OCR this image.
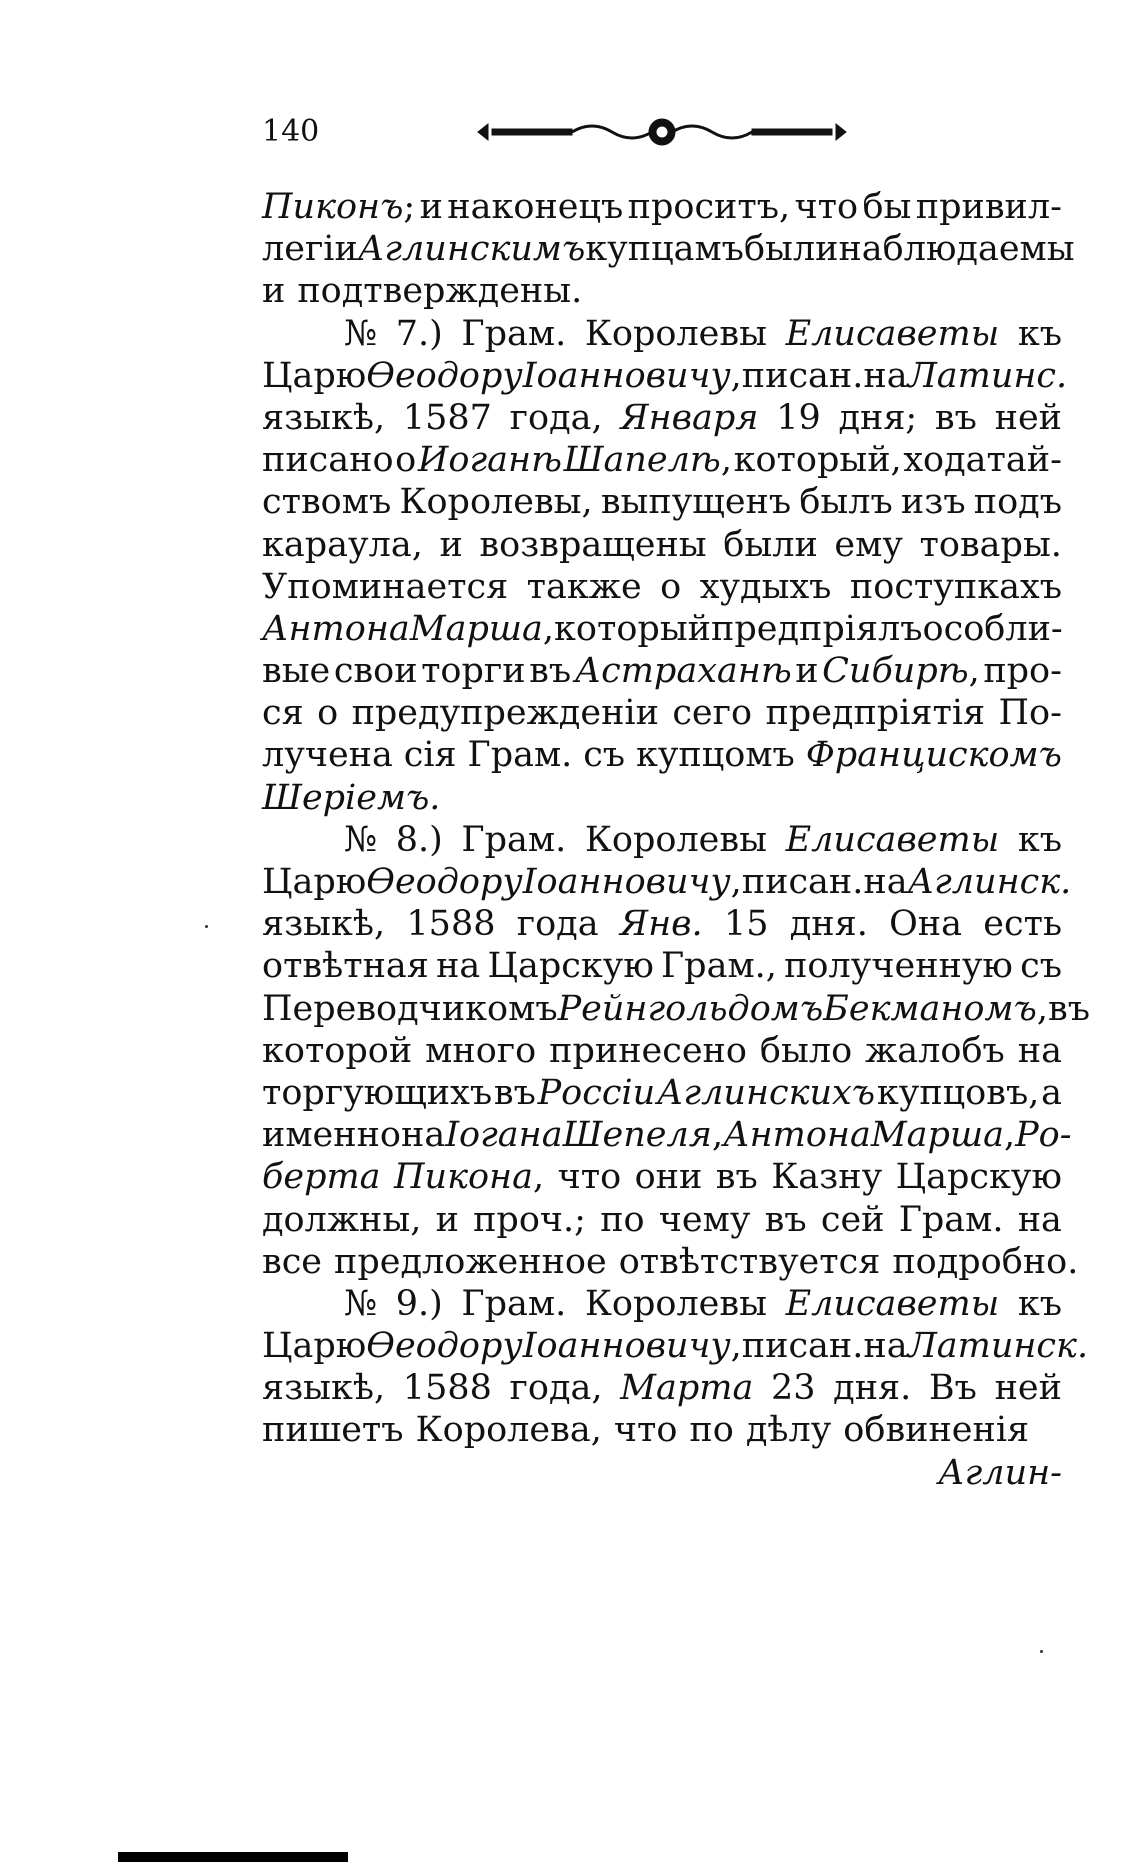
140
Пиконъ; и наконецъ проситъ, что бы привил-
легіи Аглинскимъ купцамъ были наблюдаемы
и подтверждены.
№ 7.) Грам. Королевы Елисаветы къ
Царю Ѳеодору Іоанновичу, писан. на Латинс.
языкѣ, 1587 года, Января 19 дня; въ ней
писано о Иоганѣ Шапелѣ, который, ходатай-
ствомъ Королевы, выпущенъ былъ изъ подъ
караула, и возвращены были ему товары.
Упоминается также о худыхъ поступкахъ
Антона Марша, который предпріялъ особли-
вые свои торги въ Астраханѣ и Сибирѣ, про-
ся о предупрежденіи сего предпріятія По-
лучена сія Грам. съ купцомъ Францискомъ
Шеріемъ.
№ 8.) Грам. Королевы Елисаветы къ
Царю Ѳеодору Іоанновичу, писан. на Аглинск.
языкѣ, 1588 года Янв. 15 дня. Она есть
отвѣтная на Царскую Грам., полученную съ
Переводчикомъ Рейнгольдомъ Бекманомъ, въ
которой много принесено было жалобъ на
торгующихъ въ Россіи Аглинскихъ купцовъ, а
именно на Іогана Шепеля, Антона Марша, Ро-
берта Пикона, что они въ Казну Царскую
должны, и проч.; по чему въ сей Грам. на
все предложенное отвѣтствуется подробно.
№ 9.) Грам. Королевы Елисаветы къ
Царю Ѳеодору Іоанновичу, писан. на Латинск.
языкѣ, 1588 года, Марта 23 дня. Въ ней
пишетъ Королева, что по дѣлу обвиненія
Аглин-
